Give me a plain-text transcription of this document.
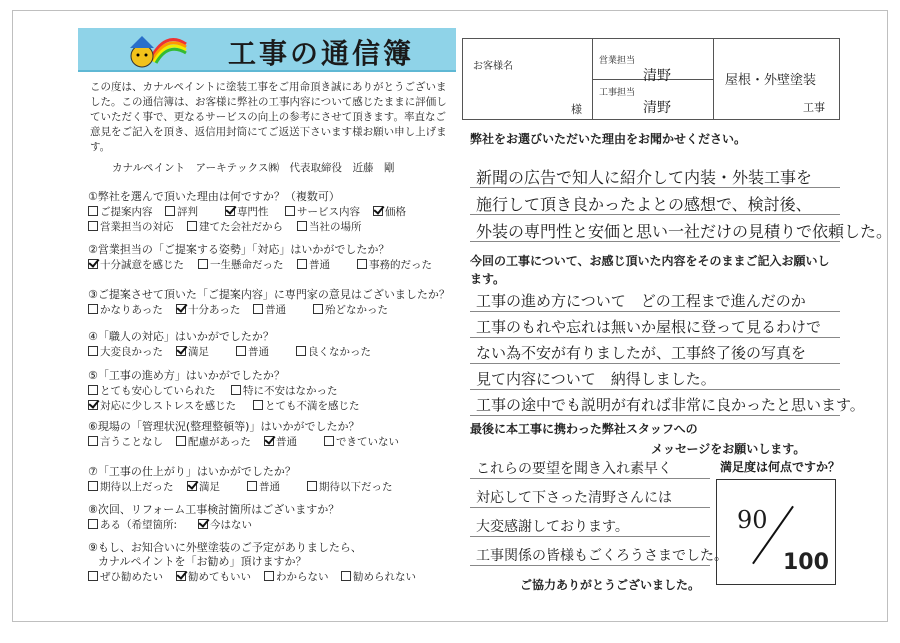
工事の通信簿
この度は、カナルペイントに塗装工事をご用命頂き誠にありがとうございました。この通信簿は、お客様に弊社の工事内容について感じたままに評価していただく事で、更なるサービスの向上の参考にさせて頂きます。率直なご意見をご記入を頂き、返信用封筒にてご返送下さいます様お願い申し上げます。
カナルペイント　アーキテックス㈱　代表取締役　近藤　剛
①弊社を選んで頂いた理由は何ですか？（複数可）
ご提案内容	評判	専門性	サービス内容	価格
営業担当の対応	建てた会社だから	当社の場所
②営業担当の「ご提案する姿勢」「対応」はいかがでしたか？
十分誠意を感じた	一生懸命だった	普通	事務的だった
③ご提案させて頂いた「ご提案内容」に専門家の意見はございましたか？
かなりあった	十分あった	普通	殆どなかった
④「職人の対応」はいかがでしたか？
大変良かった	満足	普通	良くなかった
⑤「工事の進め方」はいかがでしたか？
とても安心していられた	特に不安はなかった
対応に少しストレスを感じた	とても不満を感じた
⑥現場の「管理状況(整理整頓等)」はいかがでしたか？
言うことなし	配慮があった	普通	できていない
⑦「工事の仕上がり」はいかがでしたか？
期待以上だった	満足	普通	期待以下だった
⑧次回、リフォーム工事検討箇所はございますか？
ある（希望箇所:	今はない
⑨もし、お知合いに外壁塗装のご予定がありましたら、
カナルペイントを「お勧め」頂けますか？
ぜひ勧めたい	勧めてもいい	わからない	勧められない
お客様名
様
営業担当
清野
工事担当
清野
屋根・外壁塗装
工事
弊社をお選びいただいた理由をお聞かせください。
新聞の広告で知人に紹介して内装・外装工事を
施行して頂き良かったよとの感想で、検討後、
外装の専門性と安価と思い一社だけの見積りで依頼した。
今回の工事について、お感じ頂いた内容をそのままご記入お願いします。
工事の進め方について　どの工程まで進んだのか
工事のもれや忘れは無いか屋根に登って見るわけで
ない為不安が有りましたが、工事終了後の写真を
見て内容について　納得しました。
工事の途中でも説明が有れば非常に良かったと思います。
最後に本工事に携わった弊社スタッフへの
メッセージをお願いします。
これらの要望を聞き入れ素早く
対応して下さった清野さんには
大変感謝しております。
工事関係の皆様もごくろうさまでした。
満足度は何点ですか？
90
100
ご協力ありがとうございました。
